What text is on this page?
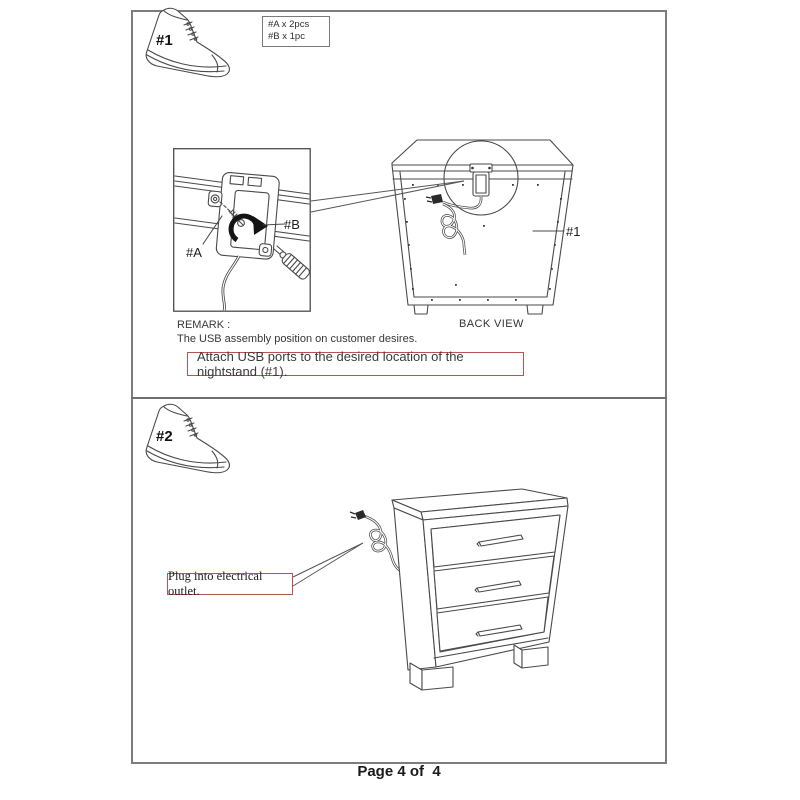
#1
#A x 2pcs
#B x 1pc
#A
#B	#1
BACK VIEW
REMARK :
The USB assembly position on customer desires.
Attach USB ports to the desired location of the nightstand (#1).
#2
Plug into electrical outlet.
Page 4 of  4
